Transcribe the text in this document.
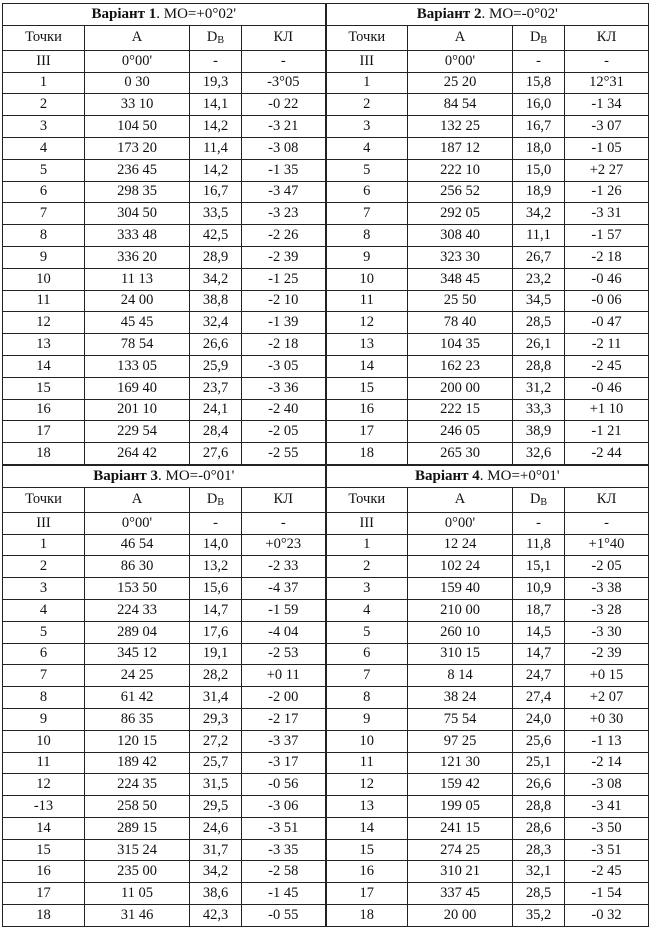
Варіант 1. МО=+0°02'				Варіант 2. МО=-0°02'			
Точки	А	$D_В$	КЛ	Точки	А	$D_В$	КЛ
ІІІ	0°00'	-	-	ІІІ	0°00'	-	-
1	0 30	19,3	-3°05	1	25 20	15,8	12°31
2	33 10	14,1	-0 22	2	84 54	16,0	-1 34
3	104 50	14,2	-3 21	3	132 25	16,7	-3 07
4	173 20	11,4	-3 08	4	187 12	18,0	-1 05
5	236 45	14,2	-1 35	5	222 10	15,0	+2 27
6	298 35	16,7	-3 47	6	256 52	18,9	-1 26
7	304 50	33,5	-3 23	7	292 05	34,2	-3 31
8	333 48	42,5	-2 26	8	308 40	11,1	-1 57
9	336 20	28,9	-2 39	9	323 30	26,7	-2 18
10	11 13	34,2	-1 25	10	348 45	23,2	-0 46
11	24 00	38,8	-2 10	11	25 50	34,5	-0 06
12	45 45	32,4	-1 39	12	78 40	28,5	-0 47
13	78 54	26,6	-2 18	13	104 35	26,1	-2 11
14	133 05	25,9	-3 05	14	162 23	28,8	-2 45
15	169 40	23,7	-3 36	15	200 00	31,2	-0 46
16	201 10	24,1	-2 40	16	222 15	33,3	+1 10
17	229 54	28,4	-2 05	17	246 05	38,9	-1 21
18	264 42	27,6	-2 55	18	265 30	32,6	-2 44
Варіант 3. МО=-0°01'				Варіант 4. МО=+0°01'			
Точки	А	$D_В$	КЛ	Точки	А	$D_В$	КЛ
ІІІ	0°00'	-	-	ІІІ	0°00'	-	-
1	46 54	14,0	+0°23	1	12 24	11,8	+1°40
2	86 30	13,2	-2 33	2	102 24	15,1	-2 05
3	153 50	15,6	-4 37	3	159 40	10,9	-3 38
4	224 33	14,7	-1 59	4	210 00	18,7	-3 28
5	289 04	17,6	-4 04	5	260 10	14,5	-3 30
6	345 12	19,1	-2 53	6	310 15	14,7	-2 39
7	24 25	28,2	+0 11	7	8 14	24,7	+0 15
8	61 42	31,4	-2 00	8	38 24	27,4	+2 07
9	86 35	29,3	-2 17	9	75 54	24,0	+0 30
10	120 15	27,2	-3 37	10	97 25	25,6	-1 13
11	189 42	25,7	-3 17	11	121 30	25,1	-2 14
12	224 35	31,5	-0 56	12	159 42	26,6	-3 08
-13	258 50	29,5	-3 06	13	199 05	28,8	-3 41
14	289 15	24,6	-3 51	14	241 15	28,6	-3 50
15	315 24	31,7	-3 35	15	274 25	28,3	-3 51
16	235 00	34,2	-2 58	16	310 21	32,1	-2 45
17	11 05	38,6	-1 45	17	337 45	28,5	-1 54
18	31 46	42,3	-0 55	18	20 00	35,2	-0 32
